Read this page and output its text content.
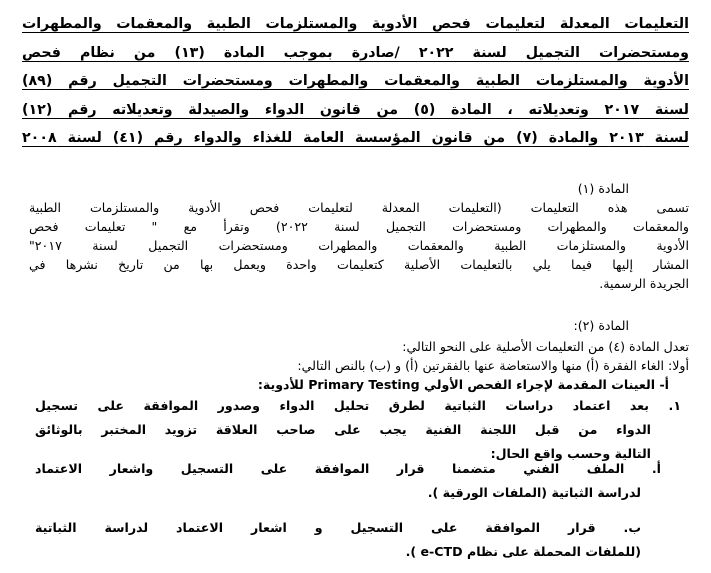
التعليمات المعدلة لتعليمات فحص الأدوية والمستلزمات الطبية والمعقمات والمطهرات
ومستحضرات التجميل لسنة ٢٠٢٢ /صادرة بموجب المادة (١٣) من نظام فحص
الأدوية والمستلزمات الطبية والمعقمات والمطهرات ومستحضرات التجميل رقم (٨٩)
لسنة ٢٠١٧ وتعديلاته ، المادة (٥) من قانون الدواء والصيدلة وتعديلاته رقم (١٢)
لسنة ٢٠١٣ والمادة (٧) من قانون المؤسسة العامة للغذاء والدواء رقم (٤١) لسنة ٢٠٠٨
المادة (١)
تسمى هذه التعليمات (التعليمات المعدلة لتعليمات فحص الأدوية والمستلزمات الطبية
والمعقمات والمطهرات ومستحضرات التجميل لسنة ٢٠٢٢) وتقرأ مع " تعليمات فحص
الأدوية والمستلزمات الطبية والمعقمات والمطهرات ومستحضرات التجميل لسنة ٢٠١٧"
المشار إليها فيما يلي بالتعليمات الأصلية كتعليمات واحدة ويعمل بها من تاريخ نشرها في
الجريدة الرسمية.
المادة (٢):
تعدل المادة (٤) من التعليمات الأصلية على النحو التالي:
أولا: الغاء الفقرة (أ) منها والاستعاضة عنها بالفقرتين (أ) و (ب) بالنص التالي:
أ- العينات المقدمة لإجراء الفحص الأولي Primary Testing للأدوية:
١. بعد اعتماد دراسات الثباتية لطرق تحليل الدواء وصدور الموافقة على تسجيل
الدواء من قبل اللجنة الفنية يجب على صاحب العلاقة تزويد المختبر بالوثائق
التالية وحسب واقع الحال:
أ. الملف الفني متضمنا قرار الموافقة على التسجيل واشعار الاعتماد
لدراسة الثباتية (الملفات الورقية ).
ب. قرار الموافقة على التسجيل و اشعار الاعتماد لدراسة الثباتية
(للملفات المحملة على نظام e-CTD ).
